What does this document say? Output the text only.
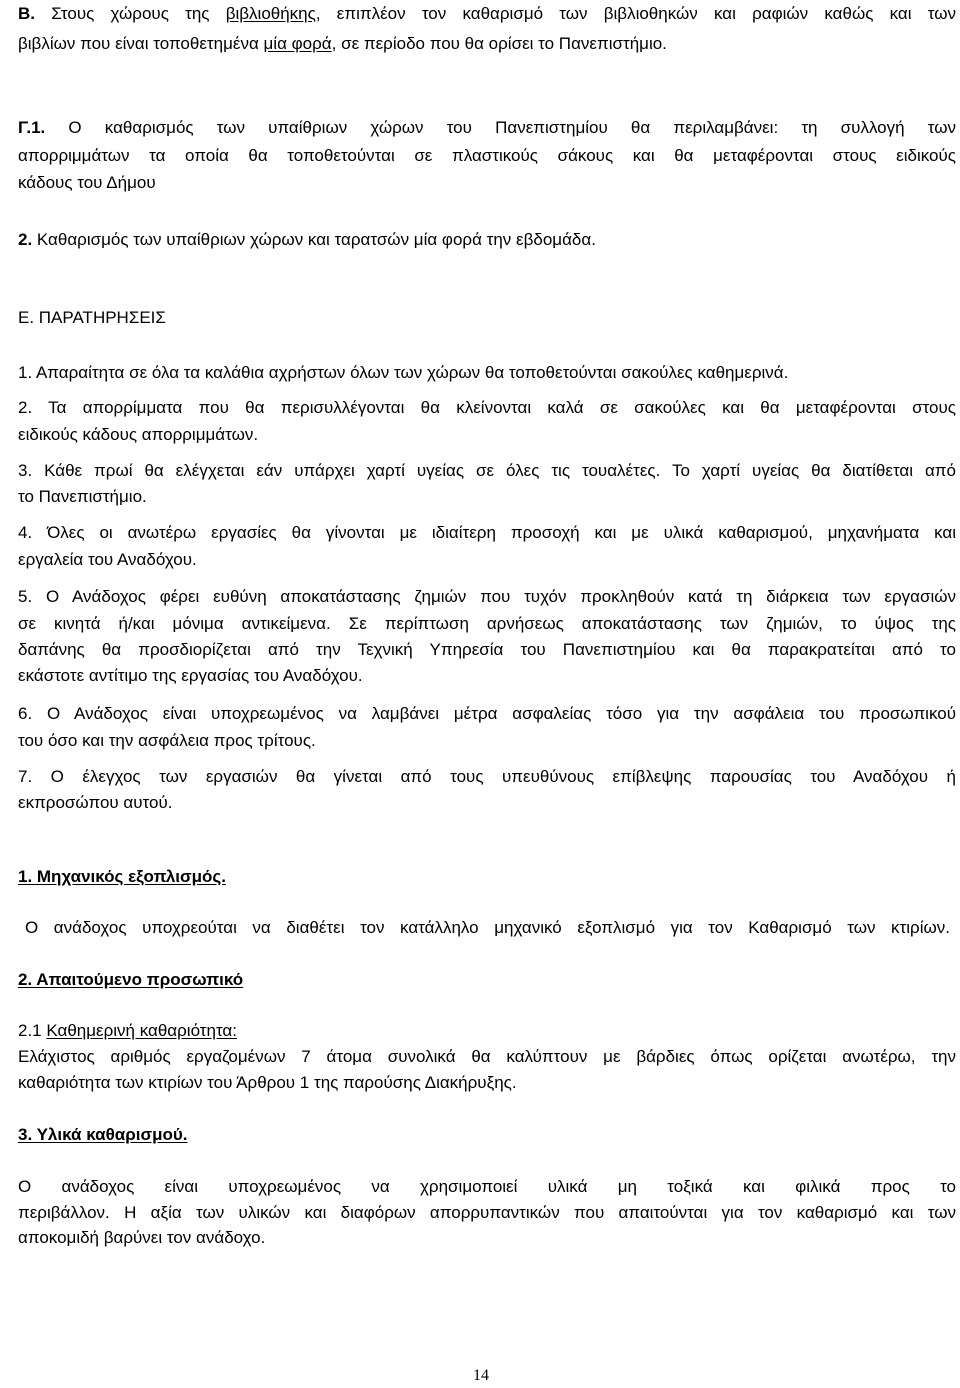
Β. Στους χώρους της βιβλιοθήκης, επιπλέον τον καθαρισμό των βιβλιοθηκών και ραφιών καθώς και των
βιβλίων που είναι τοποθετημένα μία φορά, σε περίοδο που θα ορίσει το Πανεπιστήμιο.
Γ.1. Ο καθαρισμός των υπαίθριων χώρων του Πανεπιστημίου θα περιλαμβάνει: τη συλλογή των
απορριμμάτων τα οποία θα τοποθετούνται σε πλαστικούς σάκους και θα μεταφέρονται στους ειδικούς
κάδους του Δήμου
2. Καθαρισμός των υπαίθριων χώρων και ταρατσών μία φορά την εβδομάδα.
Ε. ΠΑΡΑΤΗΡΗΣΕΙΣ
1. Απαραίτητα σε όλα τα καλάθια αχρήστων όλων των χώρων θα τοποθετούνται σακούλες καθημερινά.
2. Τα απορρίμματα που θα περισυλλέγονται θα κλείνονται καλά σε σακούλες και θα μεταφέρονται στους
ειδικούς κάδους απορριμμάτων.
3. Κάθε πρωί θα ελέγχεται εάν υπάρχει χαρτί υγείας σε όλες τις τουαλέτες. Το χαρτί υγείας θα διατίθεται από
το Πανεπιστήμιο.
4. Όλες οι ανωτέρω εργασίες θα γίνονται με ιδιαίτερη προσοχή και με υλικά καθαρισμού, μηχανήματα και
εργαλεία του Αναδόχου.
5. Ο Ανάδοχος φέρει ευθύνη αποκατάστασης ζημιών που τυχόν προκληθούν κατά τη διάρκεια των εργασιών
σε κινητά ή/και μόνιμα αντικείμενα. Σε περίπτωση αρνήσεως αποκατάστασης των ζημιών, το ύψος της
δαπάνης θα προσδιορίζεται από την Τεχνική Υπηρεσία του Πανεπιστημίου και θα παρακρατείται από το
εκάστοτε αντίτιμο της εργασίας του Αναδόχου.
6. Ο Ανάδοχος είναι υποχρεωμένος να λαμβάνει μέτρα ασφαλείας τόσο για την ασφάλεια του προσωπικού
του όσο και την ασφάλεια προς τρίτους.
7. Ο έλεγχος των εργασιών θα γίνεται από τους υπευθύνους επίβλεψης παρουσίας του Αναδόχου ή
εκπροσώπου αυτού.
1. Μηχανικός εξοπλισμός.
Ο ανάδοχος υποχρεούται να διαθέτει τον κατάλληλο μηχανικό εξοπλισμό για τον Καθαρισμό των κτιρίων.
2. Απαιτούμενο προσωπικό
2.1 Καθημερινή καθαριότητα:
Ελάχιστος αριθμός εργαζομένων 7 άτομα συνολικά θα καλύπτουν με βάρδιες όπως ορίζεται ανωτέρω, την
καθαριότητα των κτιρίων του Άρθρου 1 της παρούσης Διακήρυξης.
3. Υλικά καθαρισμού.
Ο ανάδοχος είναι υποχρεωμένος να χρησιμοποιεί υλικά μη τοξικά και φιλικά προς το
περιβάλλον. Η αξία των υλικών και διαφόρων απορρυπαντικών που απαιτούνται για τον καθαρισμό και των
αποκομιδή βαρύνει τον ανάδοχο.
14
